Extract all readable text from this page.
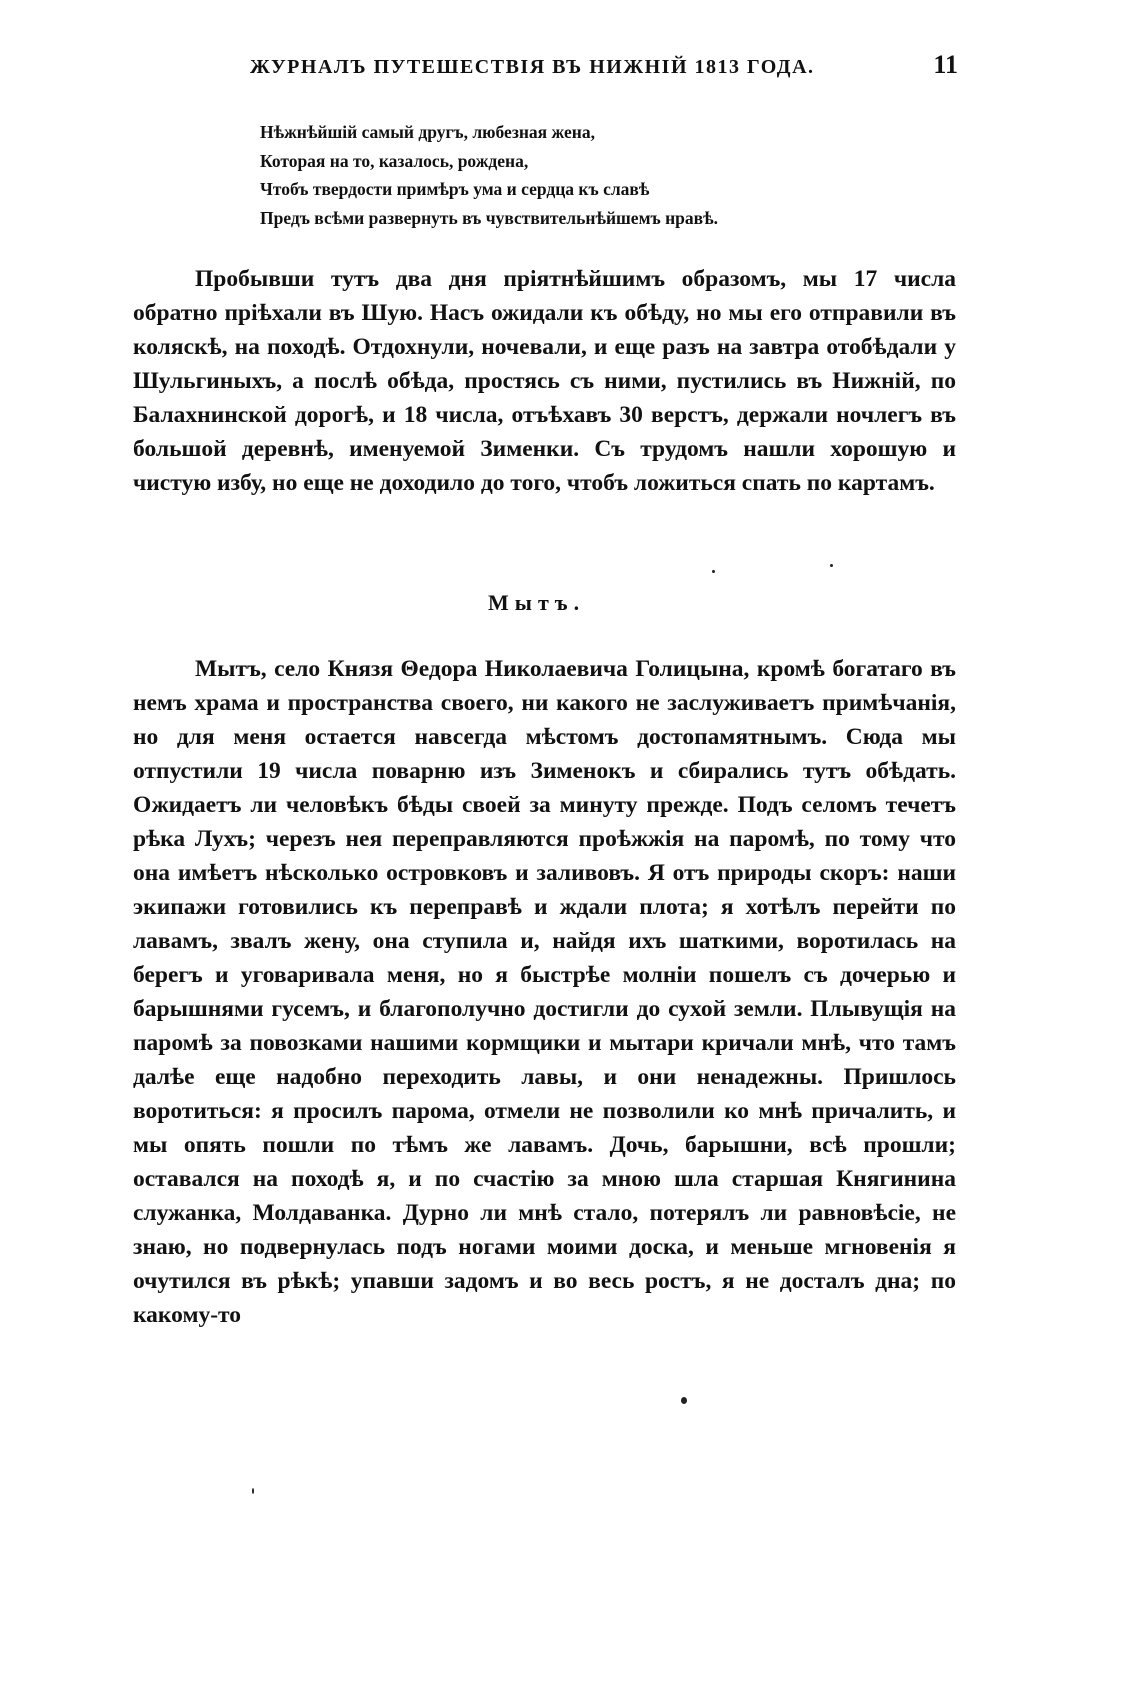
ЖУРНАЛЪ ПУТЕШЕСТВІЯ ВЪ НИЖНІЙ 1813 ГОДА.	11
Нѣжнѣйшій самый другъ, любезная жена,
Которая на то, казалось, рождена,
Чтобъ твердости примѣръ ума и сердца къ славѣ
Предъ всѣми развернуть въ чувствительнѣйшемъ нравѣ.
Пробывши тутъ два дня пріятнѣйшимъ образомъ, мы 17 числа обратно пріѣхали въ Шую. Насъ ожидали къ обѣду, но мы его отправили въ коляскѣ, на походѣ. Отдохнули, ночевали, и еще разъ на завтра отобѣдали у Шульгиныхъ, а послѣ обѣда, простясь съ ними, пустились въ Нижній, по Балахнинской дорогѣ, и 18 числа, отъѣхавъ 30 верстъ, держали ночлегъ въ большой деревнѣ, именуемой Зименки. Съ трудомъ нашли хорошую и чистую избу, но еще не доходило до того, чтобъ ложиться спать по картамъ.
Мытъ.
Мытъ, село Князя Θедора Николаевича Голицына, кромѣ богатаго въ немъ храма и пространства своего, ни какого не заслуживаетъ примѣчанія, но для меня остается навсегда мѣстомъ достопамятнымъ. Сюда мы отпустили 19 числа поварню изъ Зименокъ и сбирались тутъ обѣдать. Ожидаетъ ли человѣкъ бѣды своей за минуту прежде. Подъ селомъ течетъ рѣка Лухъ; черезъ нея переправляются проѣжжія на паромѣ, по тому что она имѣетъ нѣсколько островковъ и заливовъ. Я отъ природы скоръ: наши экипажи готовились къ переправѣ и ждали плота; я хотѣлъ перейти по лавамъ, звалъ жену, она ступила и, найдя ихъ шаткими, воротилась на берегъ и уговаривала меня, но я быстрѣе молніи пошелъ съ дочерью и барышнями гусемъ, и благополучно достигли до сухой земли. Плывущія на паромѣ за повозками нашими кормщики и мытари кричали мнѣ, что тамъ далѣе еще надобно переходить лавы, и они ненадежны. Пришлось воротиться: я просилъ парома, отмели не позволили ко мнѣ причалить, и мы опять пошли по тѣмъ же лавамъ. Дочь, барышни, всѣ прошли; оставался на походѣ я, и по счастію за мною шла старшая Княгинина служанка, Молдаванка. Дурно ли мнѣ стало, потерялъ ли равновѣсіе, не знаю, но подвернулась подъ ногами моими доска, и меньше мгновенія я очутился въ рѣкѣ; упавши задомъ и во весь ростъ, я не досталъ дна; по какому-то
